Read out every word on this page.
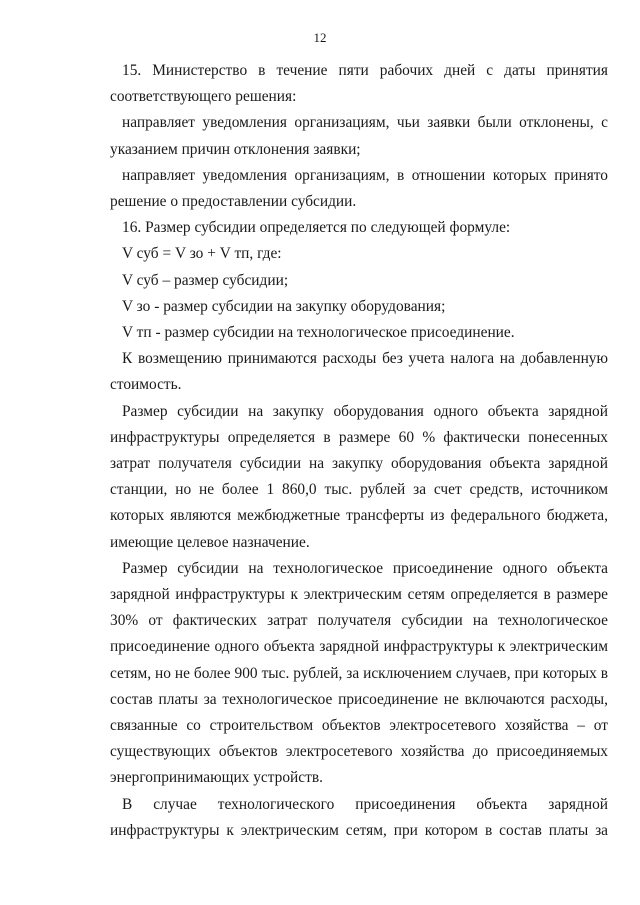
12

15. Министерство в течение пяти рабочих дней с даты принятия соответствующего решения:

направляет уведомления организациям, чьи заявки были отклонены, с указанием причин отклонения заявки;

направляет уведомления организациям, в отношении которых принято решение о предоставлении субсидии.

16. Размер субсидии определяется по следующей формуле:

V суб = V зо + V тп, где:

V суб – размер субсидии;

V зо - размер субсидии на закупку оборудования;

V тп - размер субсидии на технологическое присоединение.

К возмещению принимаются расходы без учета налога на добавленную стоимость.

Размер субсидии на закупку оборудования одного объекта зарядной инфраструктуры определяется в размере 60 % фактически понесенных затрат получателя субсидии на закупку оборудования объекта зарядной станции, но не более 1 860,0 тыс. рублей за счет средств, источником которых являются межбюджетные трансферты из федерального бюджета, имеющие целевое назначение.

Размер субсидии на технологическое присоединение одного объекта зарядной инфраструктуры к электрическим сетям определяется в размере 30% от фактических затрат получателя субсидии на технологическое присоединение одного объекта зарядной инфраструктуры к электрическим сетям, но не более 900 тыс. рублей, за исключением случаев, при которых в состав платы за технологическое присоединение не включаются расходы, связанные со строительством объектов электросетевого хозяйства – от существующих объектов электросетевого хозяйства до присоединяемых энергопринимающих устройств.

В случае технологического присоединения объекта зарядной инфраструктуры к электрическим сетям, при котором в состав платы за
